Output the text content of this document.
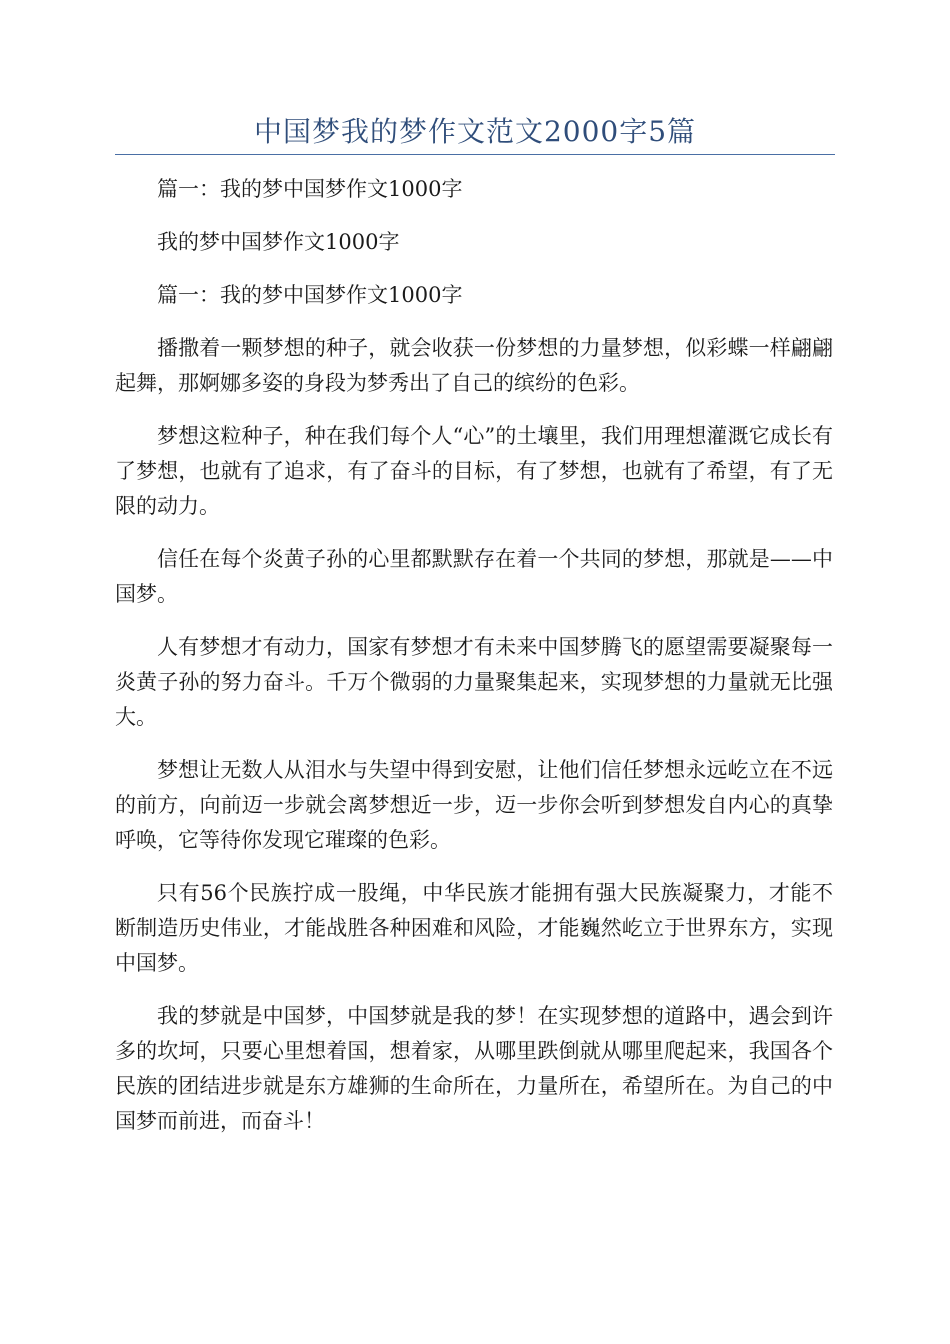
中国梦我的梦作文范文2000字5篇

篇一：我的梦中国梦作文1000字

我的梦中国梦作文1000字

篇一：我的梦中国梦作文1000字

播撒着一颗梦想的种子，就会收获一份梦想的力量梦想，似彩蝶一样翩翩起舞，那婀娜多姿的身段为梦秀出了自己的缤纷的色彩。

梦想这粒种子，种在我们每个人“心”的土壤里，我们用理想灌溉它成长有了梦想，也就有了追求，有了奋斗的目标，有了梦想，也就有了希望，有了无限的动力。

信任在每个炎黄子孙的心里都默默存在着一个共同的梦想，那就是——中国梦。

人有梦想才有动力，国家有梦想才有未来中国梦腾飞的愿望需要凝聚每一炎黄子孙的努力奋斗。千万个微弱的力量聚集起来，实现梦想的力量就无比强大。

梦想让无数人从泪水与失望中得到安慰，让他们信任梦想永远屹立在不远的前方，向前迈一步就会离梦想近一步，迈一步你会听到梦想发自内心的真挚呼唤，它等待你发现它璀璨的色彩。

只有56个民族拧成一股绳，中华民族才能拥有强大民族凝聚力，才能不断制造历史伟业，才能战胜各种困难和风险，才能巍然屹立于世界东方，实现中国梦。

我的梦就是中国梦，中国梦就是我的梦！在实现梦想的道路中，遇会到许多的坎坷，只要心里想着国，想着家，从哪里跌倒就从哪里爬起来，我国各个民族的团结进步就是东方雄狮的生命所在，力量所在，希望所在。为自己的中国梦而前进，而奋斗！
